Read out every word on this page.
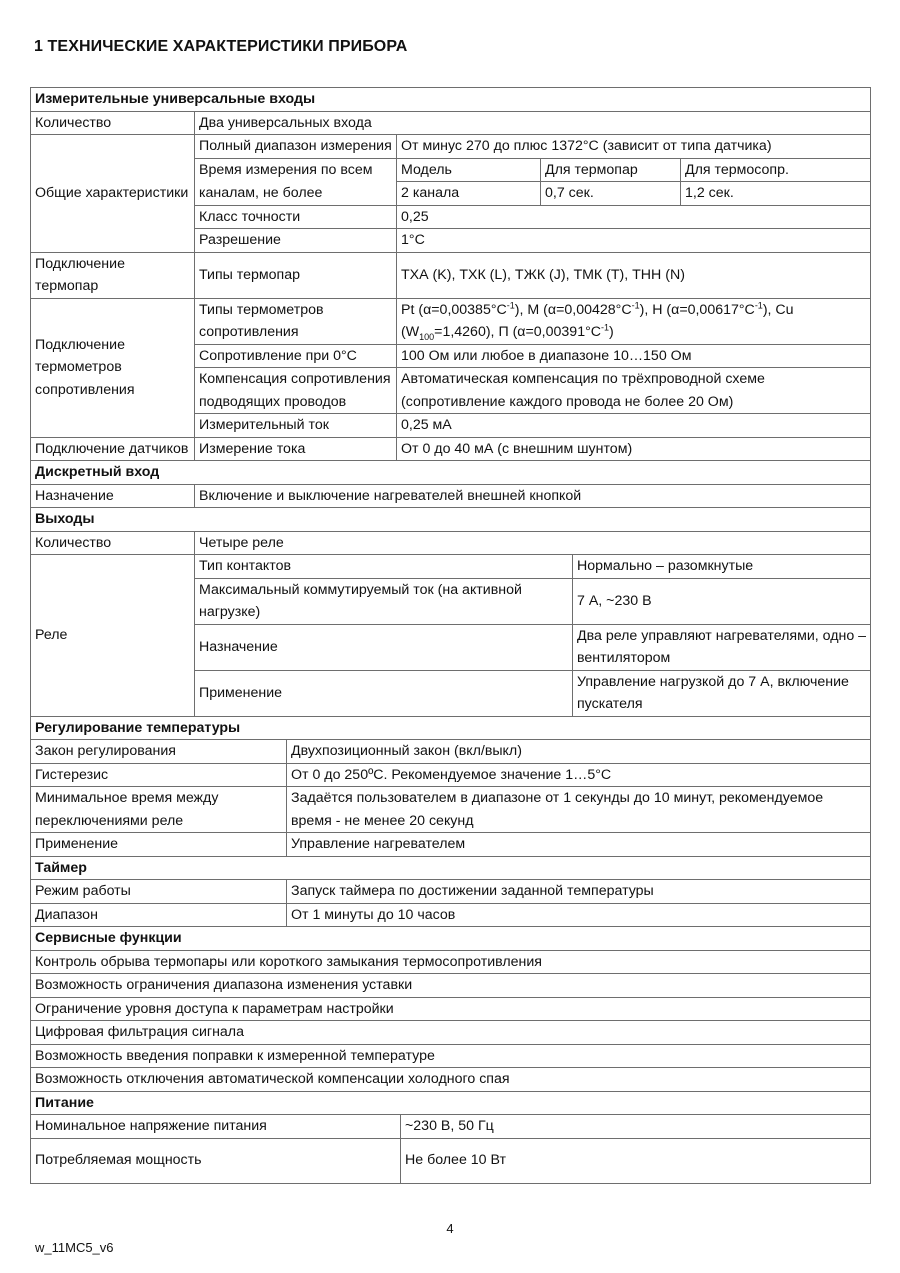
1 ТЕХНИЧЕСКИЕ ХАРАКТЕРИСТИКИ ПРИБОРА
Измерительные универсальные входы							
Количество	Два универсальных входа						
Общие характеристики	Полный диапазон измерения		От минус 270 до плюс 1372°C (зависит от типа датчика)				
	Время измерения по всем каналам, не более		Модель		Для термопар		Для термосопр.
			2 канала		0,7 сек.		1,2 сек.
	Класс точности		0,25				
	Разрешение		1°C				
Подключение термопар	Типы термопар		ТХА (K), ТХК (L), ТЖК (J), ТМК (T), ТНН (N)				
Подключение термометров сопротивления	Типы термометров сопротивления		Pt $(\alpha=0,00385^\circ C^{-1})$, M $(\alpha=0,00428^\circ C^{-1})$, H $(\alpha=0,00617^\circ C^{-1})$, Cu $(W_{100}=1,4260)$, П $(\alpha=0,00391^\circ C^{-1})$				
	Сопротивление при 0°C		100 Ом или любое в диапазоне 10…150 Ом				
	Компенсация сопротивления подводящих проводов		Автоматическая компенсация по трёхпроводной схеме (сопротивление каждого провода не более 20 Ом)				
	Измерительный ток		0,25 мА				
Подключение датчиков	Измерение тока		От 0 до 40 мА (с внешним шунтом)				
Дискретный вход							
Назначение	Включение и выключение нагревателей внешней кнопкой						
Выходы							
Количество	Четыре реле						
Реле	Тип контактов					Нормально – разомкнутые	
	Максимальный коммутируемый ток (на активной нагрузке)					7 А, ~230 В	
	Назначение					Два реле управляют нагревателями, одно – вентилятором	
	Применение					Управление нагрузкой до 7 А, включение пускателя	
Регулирование температуры							
Закон регулирования		Двухпозиционный закон (вкл/выкл)					
Гистерезис		От 0 до 250ºС. Рекомендуемое значение 1…5°C					
Минимальное время между переключениями реле		Задаётся пользователем в диапазоне от 1 секунды до 10 минут, рекомендуемое время - не менее 20 секунд					
Применение		Управление нагревателем					
Таймер							
Режим работы		Запуск таймера по достижении заданной температуры					
Диапазон		От 1 минуты до 10 часов					
Сервисные функции							
Контроль обрыва термопары или короткого замыкания термосопротивления							
Возможность ограничения диапазона изменения уставки							
Ограничение уровня доступа к параметрам настройки							
Цифровая фильтрация сигнала							
Возможность введения поправки к измеренной температуре							
Возможность отключения автоматической компенсации холодного спая							
Питание							
Номинальное напряжение питания				~230 В, 50 Гц			
Потребляемая мощность				Не более 10 Вт			
4
w_11MC5_v6
